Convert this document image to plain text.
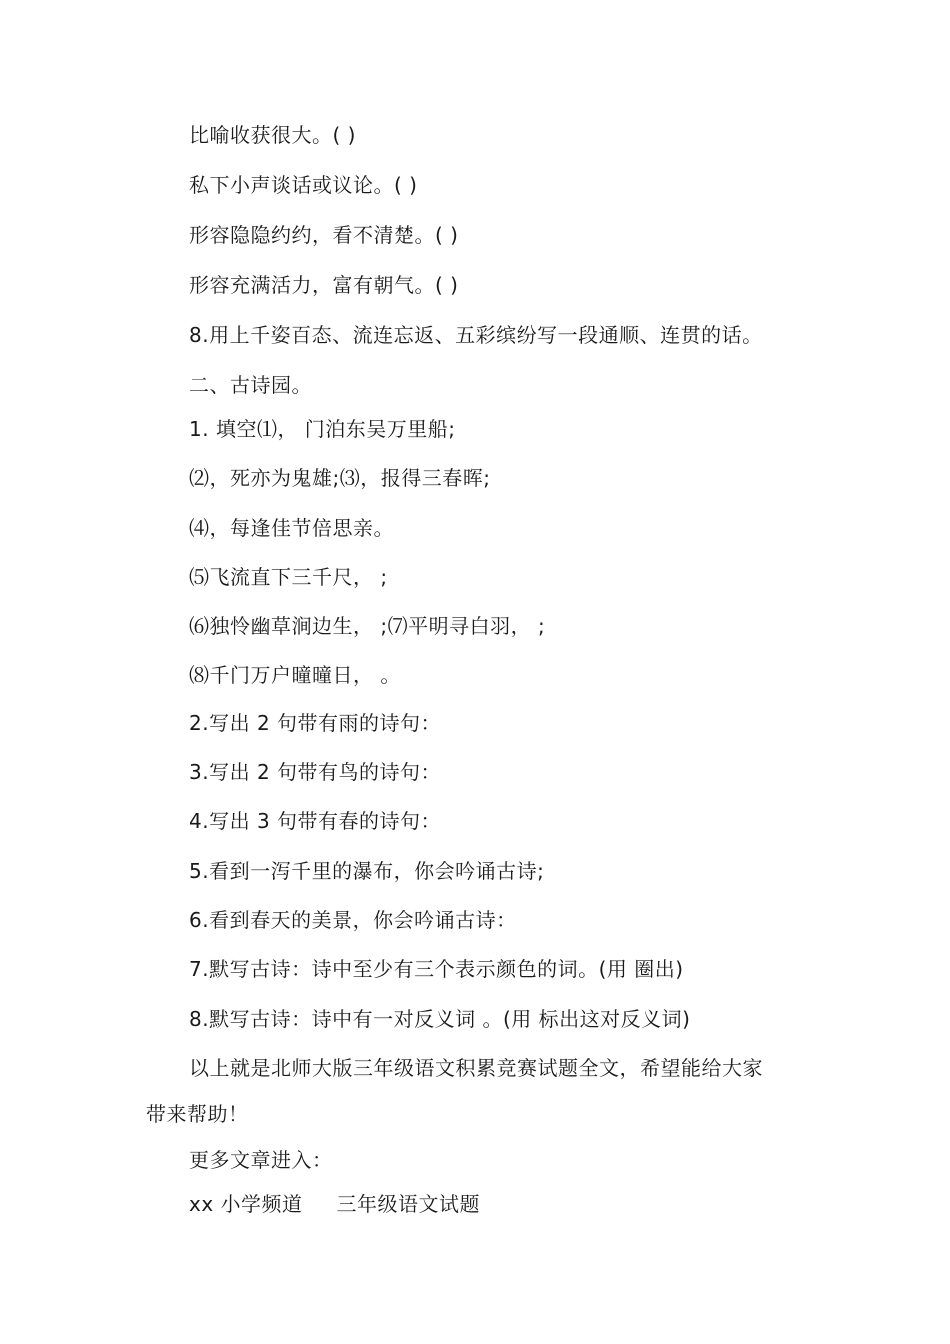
比喻收获很大。( )
私下小声谈话或议论。( )
形容隐隐约约，看不清楚。( )
形容充满活力，富有朝气。( )
8.用上千姿百态、流连忘返、五彩缤纷写一段通顺、连贯的话。
二、古诗园。
1. 填空⑴， 门泊东吴万里船;
⑵，死亦为鬼雄;⑶，报得三春晖;
⑷，每逢佳节倍思亲。
⑸飞流直下三千尺， ;
⑹独怜幽草涧边生， ;⑺平明寻白羽， ;
⑻千门万户曈曈日， 。
2.写出 2 句带有雨的诗句：
3.写出 2 句带有鸟的诗句：
4.写出 3 句带有春的诗句：
5.看到一泻千里的瀑布，你会吟诵古诗;
6.看到春天的美景，你会吟诵古诗：
7.默写古诗：诗中至少有三个表示颜色的词。(用 圈出)
8.默写古诗：诗中有一对反义词 。(用 标出这对反义词)
以上就是北师大版三年级语文积累竞赛试题全文，希望能给大家
带来帮助！
更多文章进入：
xx 小学频道 三年级语文试题
